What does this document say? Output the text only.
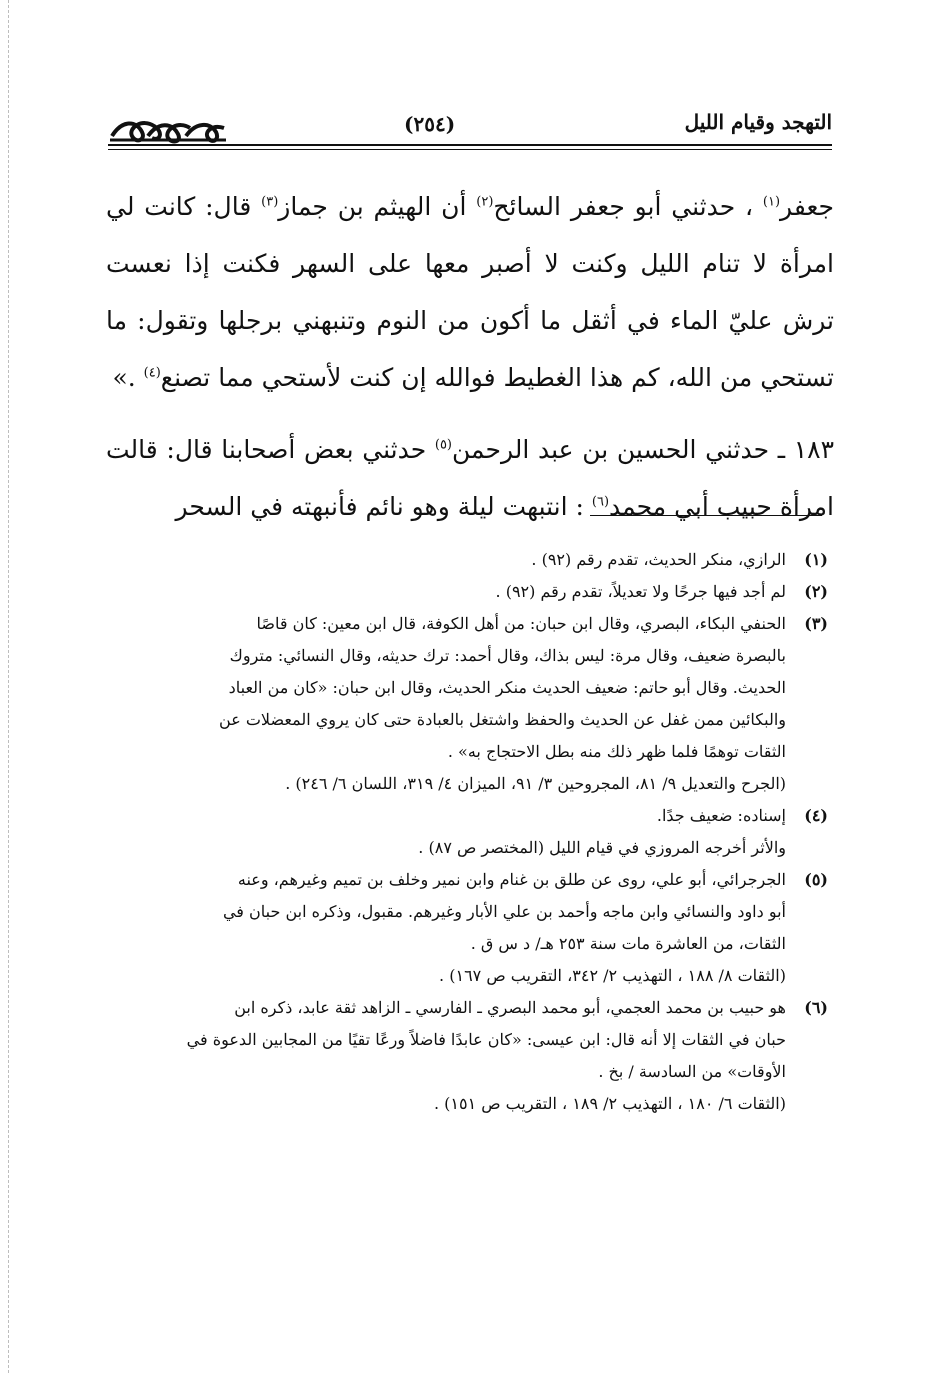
التهجد وقيام الليل
(٢٥٤)

جعفر$^{(١)}$ ، حدثني أبو جعفر السائح$^{(٢)}$ أن الهيثم بن جماز$^{(٣)}$ قال: كانت لي امرأة لا تنام الليل وكنت لا أصبر معها على السهر فكنت إذا نعست ترش عليّ الماء في أثقل ما أكون من النوم وتنبهني برجلها وتقول: ما تستحي من الله، كم هذا الغطيط فوالله إن كنت لأستحي مما تصنع$^{(٤)}$ .»

١٨٣ ـ حدثني الحسين بن عبد الرحمن$^{(٥)}$ حدثني بعض أصحابنا قال: قالت امرأة حبيب أبي محمد$^{(٦)}$ : انتبهت ليلة وهو نائم فأنبهته في السحر

(١)

الرازي، منكر الحديث، تقدم رقم (٩٢) .

(٢)

لم أجد فيها جرحًا ولا تعديلاً، تقدم رقم (٩٢) .

(٣)

الحنفي البكاء، البصري، وقال ابن حبان: من أهل الكوفة، قال ابن معين: كان قاصًا

بالبصرة ضعيف، وقال مرة: ليس بذاك، وقال أحمد: ترك حديثه، وقال النسائي: متروك

الحديث. وقال أبو حاتم: ضعيف الحديث منكر الحديث، وقال ابن حبان: «كان من العباد

والبكائين ممن غفل عن الحديث والحفظ واشتغل بالعبادة حتى كان يروي المعضلات عن

الثقات توهمًا فلما ظهر ذلك منه بطل الاحتجاج به» .

(الجرح والتعديل ٩/ ٨١، المجروحين ٣/ ٩١، الميزان ٤/ ٣١٩، اللسان ٦/ ٢٤٦) .

(٤)

إسناده: ضعيف جدًا.

والأثر أخرجه المروزي في قيام الليل (المختصر ص ٨٧) .

(٥)

الجرجرائي، أبو علي، روى عن طلق بن غنام وابن نمير وخلف بن تميم وغيرهم، وعنه

أبو داود والنسائي وابن ماجه وأحمد بن علي الأبار وغيرهم. مقبول، وذكره ابن حبان في

الثقات، من العاشرة مات سنة ٢٥٣ هـ/ د س ق .

(الثقات ٨/ ١٨٨ ، التهذيب ٢/ ٣٤٢، التقريب ص ١٦٧) .

(٦)

هو حبيب بن محمد العجمي، أبو محمد البصري ـ الفارسي ـ الزاهد ثقة عابد، ذكره ابن

حبان في الثقات إلا أنه قال: ابن عيسى: «كان عابدًا فاضلاً ورعًا تقيًا من المجابين الدعوة في

الأوقات» من السادسة / بخ .

(الثقات ٦/ ١٨٠ ، التهذيب ٢/ ١٨٩ ، التقريب ص ١٥١) .
